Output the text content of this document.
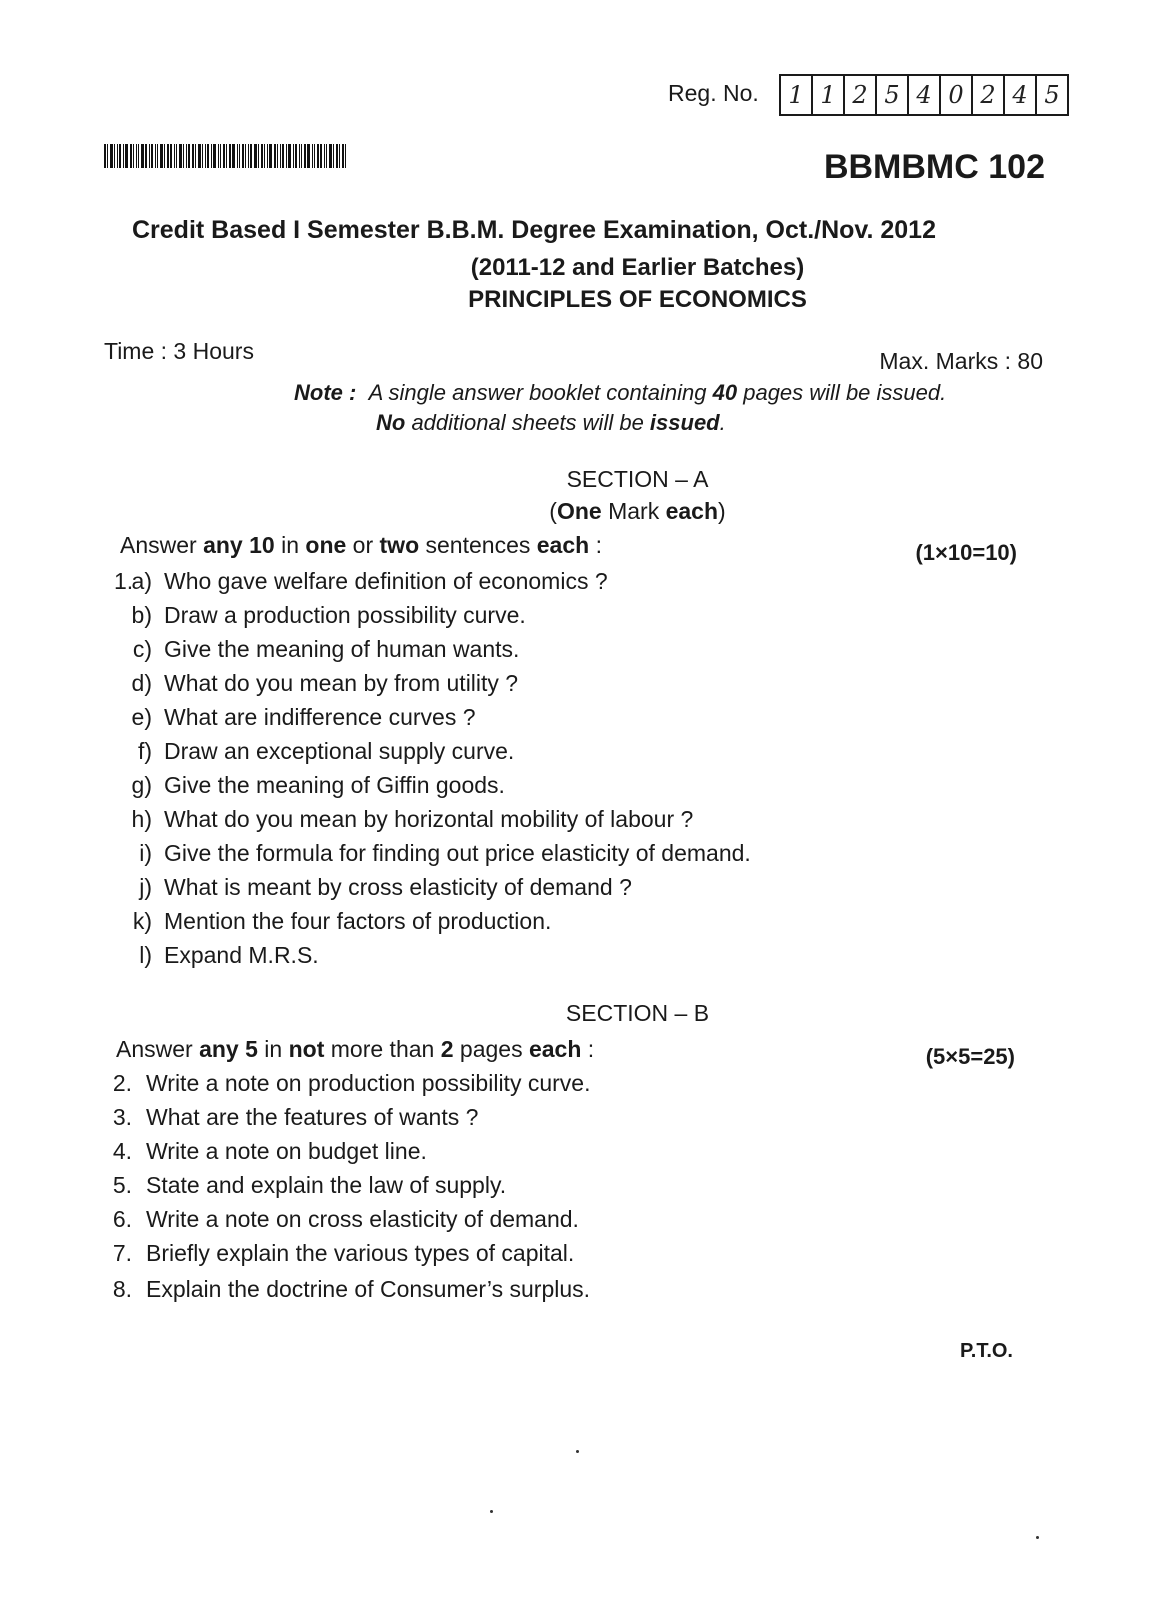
Reg. No.	1 1 2 5 4 0 2 4 5
BBMBMC 102
Credit Based I Semester B.B.M. Degree Examination, Oct./Nov. 2012
(2011-12 and Earlier Batches)
PRINCIPLES OF ECONOMICS
Time : 3 Hours	Max. Marks : 80
Note : A single answer booklet containing 40 pages will be issued.
No additional sheets will be issued.
SECTION – A
(One Mark each)
Answer any 10 in one or two sentences each :	(1×10=10)
1.
a) Who gave welfare definition of economics ?
b) Draw a production possibility curve.
c) Give the meaning of human wants.
d) What do you mean by from utility ?
e) What are indifference curves ?
f) Draw an exceptional supply curve.
g) Give the meaning of Giffin goods.
h) What do you mean by horizontal mobility of labour ?
i) Give the formula for finding out price elasticity of demand.
j) What is meant by cross elasticity of demand ?
k) Mention the four factors of production.
l) Expand M.R.S.
SECTION – B
Answer any 5 in not more than 2 pages each :	(5×5=25)
2. Write a note on production possibility curve.
3. What are the features of wants ?
4. Write a note on budget line.
5. State and explain the law of supply.
6. Write a note on cross elasticity of demand.
7. Briefly explain the various types of capital.
8. Explain the doctrine of Consumer’s surplus.
P.T.O.
